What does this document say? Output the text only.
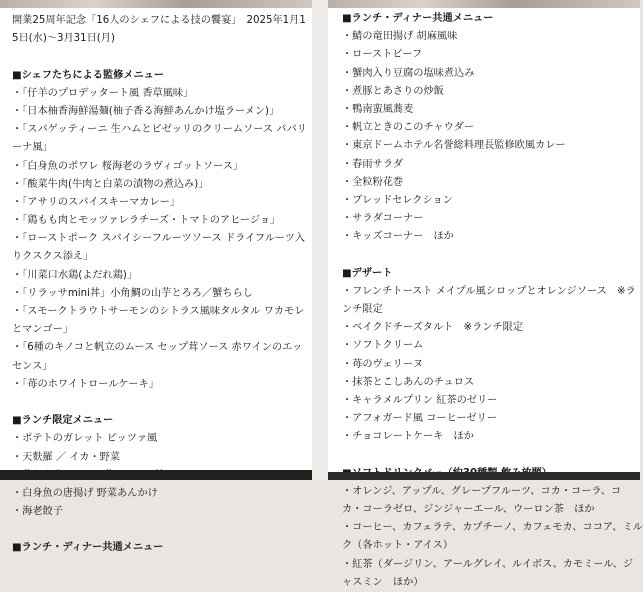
開業25周年記念「16人のシェフによる技の饗宴」　2025年1月1
5日(水)〜3月31日(月)
■シェフたちによる監修メニュー
・「仔羊のプロデッタート風 香草風味」
・「日本柚香海鮮湯麺(柚子香る海鮮あんかけ塩ラーメン)」
・「スパゲッティーニ 生ハムとピゼッリのクリームソース パパリ
ーナ風」
・「白身魚のポワレ 桜海老のラヴィゴットソース」
・「酸菜牛肉(牛肉と白菜の漬物の煮込み)」
・「アサリのスパイスキーマカレー」
・「鶏もも肉とモッツァレラチーズ・トマトのアヒージョ」
・「ローストポーク スパイシーフルーツソース ドライフルーツ入
りクスクス添え」
・「川菜口水鶏(よだれ鶏)」
・「リラッサmini丼」小角鯛の山芋とろろ／蟹ちらし
・「スモークトラウトサーモンのシトラス風味タルタル ワカモレ
とマンゴー」
・「6種のキノコと帆立のムース セップ茸ソース 赤ワインのエッ
センス」
・「苺のホワイトロールケーキ」
■ランチ限定メニュー
・ポテトのガレット ピッツァ風
・天麩羅 ／ イカ・野菜
・白身魚の唐揚げ 野菜あんかけ
・海老餃子
■ランチ・ディナー共通メニュー
■ランチ・ディナー共通メニュー
・鯖の竜田揚げ 胡麻風味
・ローストビーフ
・蟹肉入り豆腐の塩味煮込み
・煮豚とあさりの炒飯
・鴨南蛮風蕎麦
・帆立ときのこのチャウダー
・東京ドームホテル名誉総料理長監修欧風カレー
・春雨サラダ
・全粒粉花巻
・ブレッドセレクション
・サラダコーナー
・キッズコーナー　ほか
■デザート
・フレンチトースト メイプル風シロップとオレンジソース　※ラ
ンチ限定
・ベイクドチーズタルト　※ランチ限定
・ソフトクリーム
・苺のヴェリーヌ
・抹茶とこしあんのチュロス
・キャラメルプリン 紅茶のゼリー
・アフォガード風 コーヒーゼリー
・チョコレートケーキ　ほか
・オレンジ、アップル、グレープフルーツ、コカ・コーラ、コ
カ・コーラゼロ、ジンジャーエール、ウーロン茶　ほか
・コーヒー、カフェラテ、カプチーノ、カフェモカ、ココア、ミル
ク（各ホット・アイス）
・紅茶（ダージリン、アールグレイ、ルイボス、カモミール、ジ
ャスミン　ほか）
